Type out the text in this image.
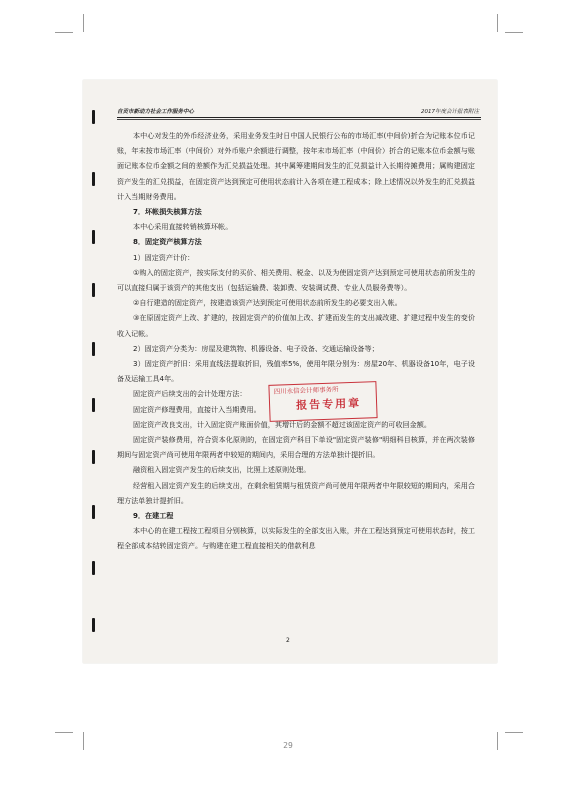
自贡市新动力社会工作服务中心	2017年度会计报表附注

本中心对发生的外币经济业务，采用业务发生时日中国人民银行公布的市场汇率(中间价)折合为记账本位币记账，年末按市场汇率（中间价）对外币账户余额进行调整，按年末市场汇率（中间价）折合的记账本位币金额与账面记账本位币金额之间的差额作为汇兑损益处理。其中属筹建期间发生的汇兑损益计入长期待摊费用；属购建固定资产发生的汇兑损益，在固定资产达到预定可使用状态前计入各项在建工程成本；除上述情况以外发生的汇兑损益计入当期财务费用。

7．坏帐损失核算方法

本中心采用直接转销核算坏帐。

8．固定资产核算方法

1）固定资产计价：

①购入的固定资产，按实际支付的买价、相关费用、税金、以及为使固定资产达到预定可使用状态前所发生的可以直接归属于该资产的其他支出（包括运输费、装卸费、安装调试费、专业人员服务费等）。

②自行建造的固定资产，按建造该资产达到预定可使用状态前所发生的必要支出入帐。

③在原固定资产上改、扩建的，按固定资产的价值加上改、扩建而发生的支出减改建、扩建过程中发生的变价收入记帐。

2）固定资产分类为：房屋及建筑物、机器设备、电子设备、交通运输设备等；

3）固定资产折旧：采用直线法提取折旧，残值率5%，使用年限分别为：房屋20年、机器设备10年，电子设备及运输工具4年。

固定资产后续支出的会计处理方法：

固定资产修理费用，直接计入当期费用。

固定资产改良支出，计入固定资产账面价值，其增计后的金额不超过该固定资产的可收回金额。

固定资产装修费用，符合资本化原则的，在固定资产科目下单设"固定资产装修"明细科目核算，并在两次装修期间与固定资产尚可使用年限两者中较短的期间内，采用合理的方法单独计提折旧。

融资租入固定资产发生的后续支出，比照上述原则处理。

经营租入固定资产发生的后续支出，在剩余租赁期与租赁资产尚可使用年限两者中年限较短的期间内，采用合理方法单独计提折旧。

9．在建工程

本中心的在建工程按工程项目分别核算，以实际发生的全部支出入账，并在工程达到预定可使用状态时，按工程全部成本结转固定资产。与购建在建工程直接相关的借款利息

四川永信会计师事务所
报告专用章
2
29
